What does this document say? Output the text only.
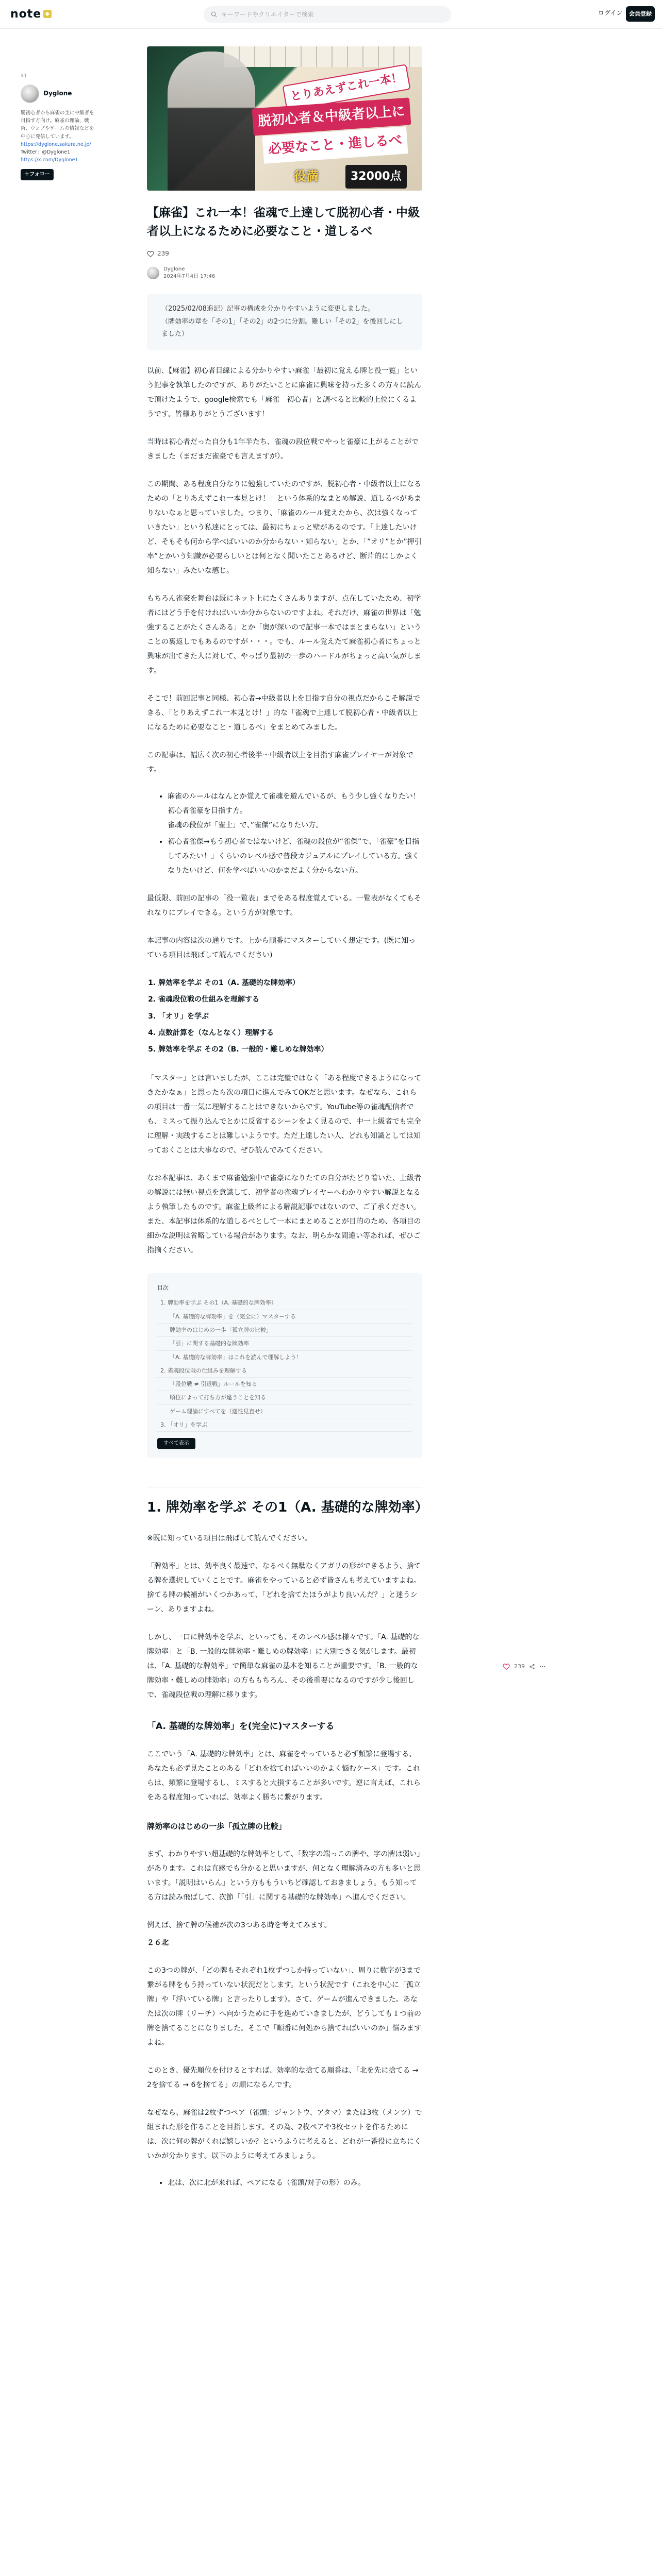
note ◆	キーワードやクリエイターで検索	ログイン	会員登録
41
Dyglone
脱初心者から麻雀の主に中級者を目指す方向け。麻雀の理論、戦術、ウェブやゲームの情報などを中心に発信しています。
https://dyglone.sakura.ne.jp/
Twitter：@Dyglone1
https://x.com/Dyglone1
＋ フォロー
とりあえずこれ一本！
脱初心者＆中級者以上に
必要なこと・進しるべ
役満	32000点
【麻雀】これ一本！雀魂で上達して脱初心者・中級者以上になるために必要なこと・道しるべ
239
Dyglone
2024年7月4日 17:46
（2025/02/08追記）記事の構成を分かりやすいように変更しました。
（牌効率の章を「その1」「その2」の2つに分割。難しい「その2」を後回しにしました）

以前、【麻雀】初心者目線による分かりやすい麻雀「最初に覚える牌と役一覧」という記事を執筆したのですが、ありがたいことに麻雀に興味を持った多くの方々に読んで頂けたようで、google検索でも「麻雀　初心者」と調べると比較的上位にくるようです。皆様ありがとうございます！

当時は初心者だった自分も1年半たち、雀魂の段位戦でやっと雀豪に上がることができました（まだまだ雀豪でも言えますが）。

この期間、ある程度自分なりに勉強していたのですが、脱初心者・中級者以上になるための「とりあえずこれ一本見とけ！」という体系的なまとめ解説、道しるべがあまりないなぁと思っていました。つまり、「麻雀のルール覚えたから、次は強くなっていきたい」という私達にとっては、最初にちょっと壁があるのです。「上達したいけど、そもそも何から学べばいいのか分からない・知らない」とか、「”オリ”とか”押引率”とかいう知識が必要らしいとは何となく聞いたことあるけど、断片的にしかよく知らない」みたいな感じ。

もちろん雀豪を舞台は既にネット上にたくさんありますが、点在していたため、初学者にはどう手を付ければいいか分からないのですよね。それだけ、麻雀の世界は「勉強することがたくさんある」とか「奥が深いので記事一本ではまとまらない」ということの裏返しでもあるのですが・・・。でも、ルール覚えたて麻雀初心者にちょっと興味が出てきた人に対して、やっぱり最初の一歩のハードルがちょっと高い気がします。

そこで！前回記事と同様、初心者→中級者以上を目指す自分の視点だからこそ解説できる、「とりあえずこれ一本見とけ！」的な「雀魂で上達して脱初心者・中級者以上になるために必要なこと・道しるべ」をまとめてみました。

この記事は、幅広く次の初心者後半〜中級者以上を目指す麻雀プレイヤーが対象です。

• 麻雀のルールはなんとか覚えて雀魂を遊んでいるが、もう少し強くなりたい！初心者雀豪を目指す方。
雀魂の段位が「雀士」で、”雀傑”になりたい方。
• 初心者雀傑→もう初心者ではないけど、雀魂の段位が“雀傑”で、「雀豪”を目指してみたい！」くらいのレベル感で普段カジュアルにプレイしている方。強くなりたいけど、何を学べばいいのかまだよく分からない方。

最低限、前回の記事の「役一覧表」までをある程度覚えている。一覧表がなくてもそれなりにプレイできる。という方が対象です。

本記事の内容は次の通りです。上から順番にマスターしていく想定です。(既に知っている項目は飛ばして読んでください)

1. 牌効率を学ぶ その1（A. 基礎的な牌効率）
2. 雀魂段位戦の仕組みを理解する
3. 「オリ」を学ぶ
4. 点数計算を（なんとなく）理解する
5. 牌効率を学ぶ その2（B. 一般的・難しめな牌効率）

「マスター」とは言いましたが、ここは完璧ではなく「ある程度できるようになってきたかなぁ」と思ったら次の項目に進んでみてOKだと思います。なぜなら、これらの項目は一番一気に理解することはできないからです。YouTube等の雀魂配信者でも、ミスって振り込んでとかに反省するシーンをよく見るので、中一上級者でも完全に理解・実践することは難しいようです。ただ上達したい人、どれも知識としては知っておくことは大事なので、ぜひ読んでみてください。

なお本記事は、あくまで麻雀勉強中で雀豪になりたての自分がたどり着いた、上級者の解説には無い視点を意識して、初学者の雀魂プレイヤーへわかりやすい解説となるよう執筆したものです。麻雀上級者による解説記事ではないので、ご了承ください。また、本記事は体系的な道しるべとして一本にまとめることが目的のため、各項目の細かな説明は省略している場合があります。なお、明らかな間違い等あれば、ぜひご指摘ください。

目次
1. 牌効率を学ぶ その1（A. 基礎的な牌効率）
「A. 基礎的な牌効率」を（完全に）マスターする
牌効率のはじめの一歩「孤立牌の比較」
「引」に関する基礎的な牌効率
「A. 基礎的な牌効率」はこれを読んで理解しよう！
2. 雀魂段位戦の仕組みを理解する
「段位戦 ≠ 引退戦」ルールを知る
順位によって打ち方が違うことを知る
ゲーム理論にすべてを（適性見直せ）
3. 「オリ」を学ぶ
すべて表示
1. 牌効率を学ぶ その1（A. 基礎的な牌効率）

※既に知っている項目は飛ばして読んでください。

「牌効率」とは、効率良く最速で、なるべく無駄なくアガリの形ができるよう、捨てる牌を選択していくことです。麻雀をやっていると必ず皆さんも考えていますよね。捨てる牌の候補がいくつかあって、「どれを捨てたほうがより良いんだ？」と迷うシーン、ありますよね。

しかし、一口に牌効率を学ぶ、といっても、そのレベル感は様々です。「A. 基礎的な牌効率」と「B. 一般的な牌効率・難しめの牌効率」に大別できる気がします。最初は、「A. 基礎的な牌効率」で簡単な麻雀の基本を知ることが重要です。「B. 一般的な牌効率・難しめの牌効率」の方ももちろん、その後重要になるのですが少し後回しで、雀魂段位戦の理解に移ります。

「A. 基礎的な牌効率」を(完全に)マスターする

ここでいう「A. 基礎的な牌効率」とは、麻雀をやっていると必ず頻繁に登場する、あなたも必ず見たことのある「どれを捨てればいいのかよく悩むケース」です。これらは、頻繁に登場するし、ミスすると大損することが多いです。逆に言えば、これらをある程度知っていれば、効率よく勝ちに繋がります。

牌効率のはじめの一歩「孤立牌の比較」

まず、わかりやすい超基礎的な牌効率として、「数字の端っこの牌や、字の牌は弱い」があります。これは直感でも分かると思いますが、何となく理解済みの方も多いと思います。「説明はいらん」という方ももういちど確認しておきましょう。もう知ってる方は読み飛ばして、次節「「引」に関する基礎的な牌効率」へ進んでください。

例えば、捨て牌の候補が次の3つある時を考えてみます。

２６北

この3つの牌が、「どの牌もそれぞれ1枚ずつしか持っていない」、周りに数字が3まで繋がる牌をもう持っていない状況だとします。という状況です（これを中心に「孤立牌」や「浮いている牌」と言ったりします）。さて、ゲームが進んできました。あなたは次の牌（リーチ）へ向かうために手を進めていきましたが、どうしても１つ前の牌を捨てることになりました。そこで「順番に何処から捨てればいいのか」悩みますよね。

このとき、優先順位を付けるとすれば、効率的な捨てる順番は、「北を先に捨てる → 2を捨てる → 6を捨てる」の順になるんです。

なぜなら、麻雀は2枚ずつペア（雀頭：ジャントウ、アタマ）または3枚（メンツ）で組まれた形を作ることを目指します。その為、2枚ペアや3枚セットを作るためには、次に何の牌がくれば嬉しいか？というふうに考えると、どれが一番役に立ちにくいかが分かります。以下のように考えてみましょう。

• 北は、次に北が来れば、ペアになる（雀頭/対子の形）のみ。
239
